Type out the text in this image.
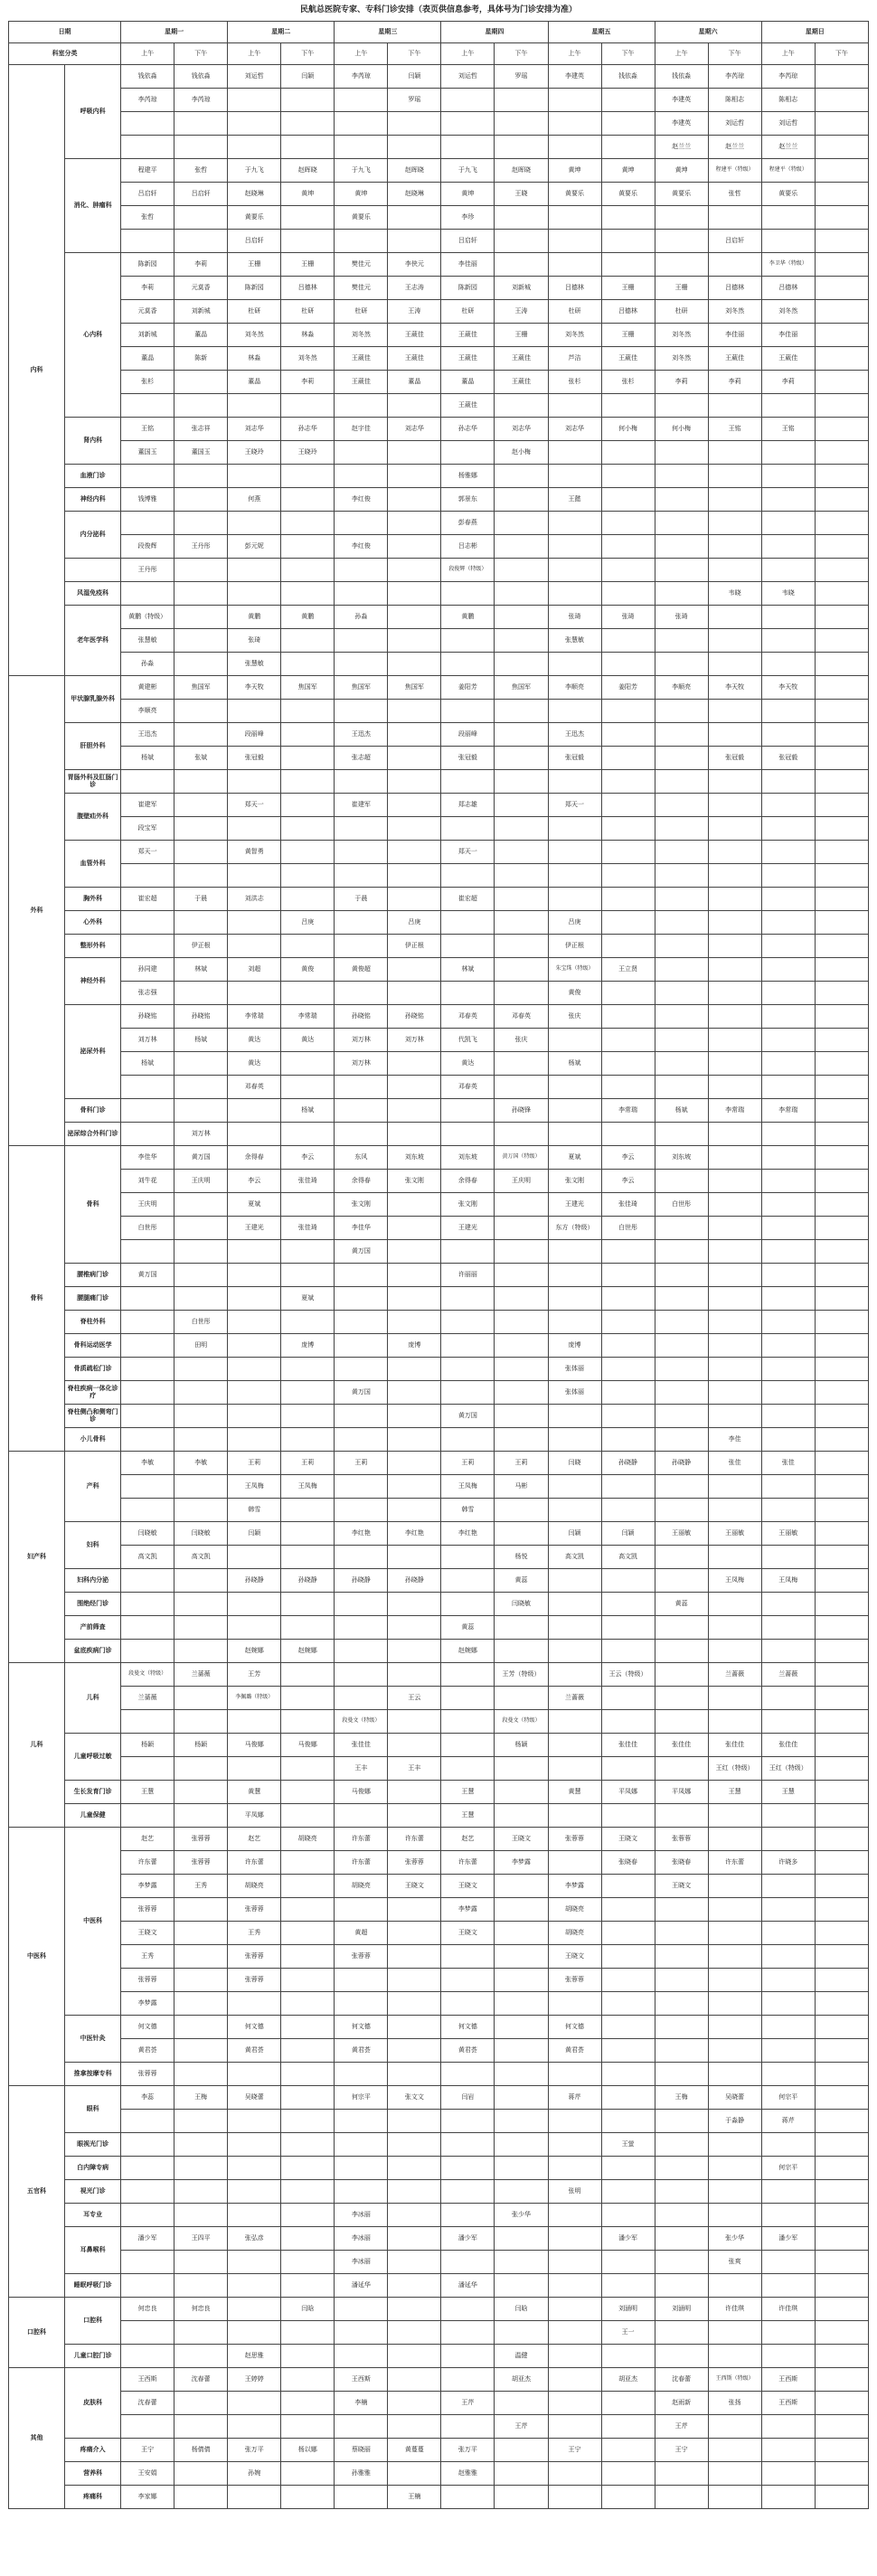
民航总医院专家、专科门诊安排（表页供信息参考，具体号为门诊安排为准）
日期		星期一		星期二		星期三		星期四		星期五		星期六		星期日	
科室分类		上午	下午	上午	下午	上午	下午	上午	下午	上午	下午	上午	下午	上午	下午
内科	呼吸内科	钱依淼	钱依淼	刘运哲	闫颖	李芮琼	闫颖	刘运哲	罗瑶	李建英	钱依淼	钱依淼	李芮琼	李芮琼	
		李芮琼	李芮琼				罗瑶					李建英	陈相志	陈相志	
												李建英	刘运哲	刘运哲	
												赵兰兰	赵兰兰	赵兰兰	
	消化、肿瘤科	程建平	张哲	于九飞	赵晖晓	于九飞	赵晖晓	于九飞	赵晖晓	黄坤	黄坤	黄坤	程建平（特级）	程建平（特级）	
		吕启轩	吕启轩	赵晓琳	黄坤	黄坤	赵晓琳	黄坤	王晓	黄要乐	黄要乐	黄要乐	张哲	黄要乐	
		张哲		黄要乐		黄要乐		李珍							
				吕启轩				吕启轩					吕启轩		
	心内科	陈新园	李莉	王栅	王栅	樊佳元	李侠元	李佳丽						李卫华（特级）	
		李莉	元莫香	陈新园	吕德林	樊佳元	王志涛	陈新园	刘新城	吕德林	王栅	王栅	吕德林	吕德林	
		元莫香	刘新城	杜研	杜研	杜研	王涛	杜研	王涛	杜研	吕德林	杜研	刘冬然	刘冬然	
		刘新城	董晶	刘冬然	林淼	刘冬然	王葳佳	王葳佳	王栅	刘冬然	王栅	刘冬然	李佳丽	李佳丽	
		董晶	陈新	林淼	刘冬然	王葳佳	王葳佳	王葳佳	王葳佳	芦洁	王葳佳	刘冬然	王葳佳	王葳佳	
		张杉		董晶	李莉	王葳佳	董晶	董晶	王葳佳	张杉	张杉	李莉	李莉	李莉	
								王葳佳							
	肾内科	王铭	张志祥	刘志华	孙志华	赵宇佳	刘志华	孙志华	刘志华	刘志华	何小梅	何小梅	王铭	王铭	
		董国玉	董国玉	王晓玲	王晓玲				赵小梅						
	血液门诊							杨雅娜							
	神经内科	钱博雅		何燕		李红俊		郭景东		王懿					
	内分泌科							彭春燕							
		段俊辉	王丹彤	彭元妮		李红俊		吕志彬							
		王丹彤						段俊辉（特级）							
	风湿免疫科												韦晓	韦晓	
	老年医学科	黄鹏（特级）		黄鹏	黄鹏	孙淼		黄鹏		张琦	张琦	张琦			
		张慧敏		张琦						张慧敏					
		孙淼		张慧敏											
外科	甲状腺乳腺外科	黄建彬	焦国军	李天牧	焦国军	焦国军	焦国军	姜阳芳	焦国军	李顺亮	姜阳芳	李顺亮	李天牧	李天牧	
		李顺亮													
	肝胆外科	王迅杰		段丽峰		王迅杰		段丽峰		王迅杰					
		杨斌	张斌	张冠毅		张志超		张冠毅		张冠毅			张冠毅	张冠毅	
	胃肠外科及肛肠门诊														
	腹壁疝外科	崔建军		郑天一		崔建军		郑志雄		郑天一					
		段宝军													
	血管外科	郑天一		黄智勇				郑天一							

	胸外科	崔宏超	于晨	刘洪志		于晨		崔宏超							
	心外科				吕庚		吕庚			吕庚					
	整形外科		伊正根				伊正根			伊正根					
	神经外科	孙同建	林斌	刘超	黄俊	黄俊超		林斌		朱宝珠（特级）	王立贤				
		张志强								黄俊					
	泌尿外科	孙晓铭	孙晓铭	李常瑞	李常瑞	孙晓铭	孙晓铭	邓春英	邓春英	张庆					
		刘万林	杨斌	黄达	黄达	刘万林	刘万林	代凯飞	张庆						
		杨斌		黄达		刘万林		黄达		杨斌					
				邓春英				邓春英							
	骨科门诊				杨斌				孙晓锋		李常瑞	杨斌	李常瑞	李常瑞	
	泌尿综合外科门诊		刘万林												
骨科	骨科	李佳华	黄万国	余得春	李云	东风	刘东坡	刘东坡	黄万国（特级）	夏斌	李云	刘东坡			
		刘牛花	王庆明	李云	张佳琦	余得春	张文刚	余得春	王庆明	张文刚	李云				
		王庆明		夏斌		张文刚		张文刚		王建光	张佳琦	白世彤			
		白世彤		王建光	张佳琦	李佳华		王建光		东方（特级）	白世彤				
						黄万国									
	腰椎病门诊	黄万国						许丽丽							
	腰腿痛门诊				夏斌										
	脊柱外科		白世彤												
	骨科运动医学		田明		庞博		庞博			庞博					
	骨质疏松门诊									张体丽					
	脊柱疾病一体化诊疗					黄万国				张体丽					
	脊柱侧凸和侧弯门诊							黄万国							
	小儿骨科												李佳		
妇产科	产科	李敏	李敏	王莉	王莉	王莉		王莉	王莉	闫晓	孙晓静	孙晓静	张佳	张佳	
				王凤梅	王凤梅			王凤梅	马彬						
				韩雪				韩雪							
	妇科	闫晓敏	闫晓敏	闫颖		李红艳	李红艳	李红艳		闫颖	闫颖	王丽敏	王丽敏	王丽敏	
		高文凯	高文凯						杨悦	高文凯	高文凯				
	妇科内分泌			孙晓静	孙晓静	孙晓静	孙晓静		黄蕊				王凤梅	王凤梅	
	围绝经门诊								闫晓敏			黄蕊			
	产前筛查							黄蕊							
	盆底疾病门诊			赵婉娜	赵婉娜			赵婉娜							
儿科	儿科	段曼文（特级）	兰蔷薇	王芳					王芳（特级）		王云（特级）		兰蔷薇	兰蔷薇	
		兰蔷薇		李佩璐（特级）			王云			兰蔷薇					
						段曼文（特级）			段曼文（特级）						
	儿童呼吸过敏	杨颖	杨颖	马俊娜	马俊娜	张佳佳			杨颖		张佳佳	张佳佳	张佳佳	张佳佳	
						王丰	王丰						王红（特级）	王红（特级）	
	生长发育门诊	王慧		黄慧		马俊娜		王慧		黄慧	平凤娜	平凤娜	王慧	王慧	
	儿童保健			平凤娜				王慧							
中医科	中医科	赵艺	张蓉蓉	赵艺	胡晓亮	许东蕾	许东蕾	赵艺	王晓文	张蓉蓉	王晓文	张蓉蓉			
		许东蕾	张蓉蓉	许东蕾		许东蕾	张蓉蓉	许东蕾	李梦露		张晓春	张晓春	许东蕾	许晓多	
		李梦露	王秀	胡晓亮		胡晓亮	王晓文	王晓文		李梦露		王晓文			
		张蓉蓉		张蓉蓉				李梦露		胡晓亮					
		王晓文		王秀		黄超		王晓文		胡晓亮					
		王秀		张蓉蓉		张蓉蓉				王晓文					
		张蓉蓉		张蓉蓉						张蓉蓉					
		李梦露													
	中医针灸	何文德		何文德		何文德		何文德		何文德					
		黄君荟		黄君荟		黄君荟		黄君荟		黄君荟					
	推拿按摩专科	张蓉蓉													
五官科	眼科	李蕊	王梅	吴晓蕾		何宗平	张文文	闫岩		蒋芹		王梅	吴晓蕾	何宗平	
													于淼静	蒋芹	
	眼视光门诊										王萤				
	白内障专病													何宗平	
	视光门诊									张明					
	耳专业					李冰丽			张少华						
	耳鼻喉科	潘少军	王四平	张弘彦		李冰丽		潘少军			潘少军		张少华	潘少军	
						李冰丽							张爽		
	睡眠呼吸门诊					潘延华		潘延华							
口腔科	口腔科	何忠良	何忠良		闫晗				闫晗		刘涵明	刘涵明	许佳琪	许佳琪	
											王一				
	儿童口腔门诊			赵思雅					温健						
其他	皮肤科	王西斯	沈春蕾	王婷婷		王西斯			胡亚杰		胡亚杰	沈春蕾	王西斯（特级）	王西斯	
		沈春蕾				李楠		王芹				赵雨新	张扬	王西斯	
									王芹			王芹			
	疼痛介入	王宁	杨倩倩	张万平	杨以娜	蔡晓丽	黄蔓蔓	张万平		王宁		王宁			
	营养科	王安娟		孙婉		孙雅雅		赵雅雅							
	疼痛科	李家娜					王楠								
